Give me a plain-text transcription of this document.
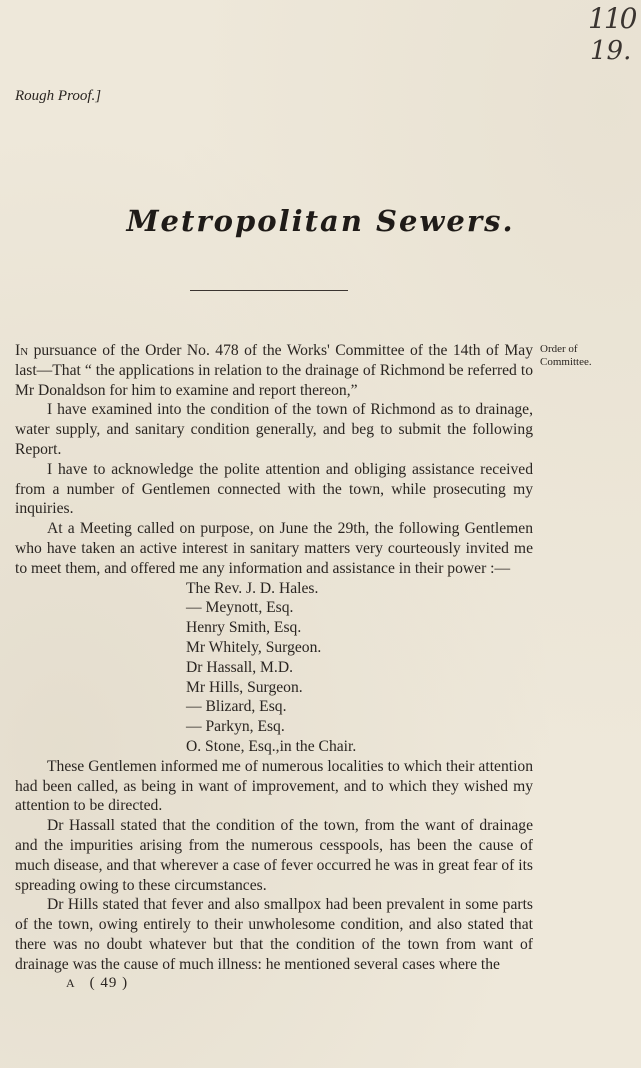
110
19.
Rough Proof.]
Metropolitan Sewers.
Order of Committee.

In pursuance of the Order No. 478 of the Works' Committee of the 14th of May last—That “ the applications in relation to the drainage of Richmond be referred to Mr Donaldson for him to examine and report thereon,”

I have examined into the condition of the town of Richmond as to drainage, water supply, and sanitary condition generally, and beg to submit the following Report.

I have to acknowledge the polite attention and obliging assistance received from a number of Gentlemen connected with the town, while prosecuting my inquiries.

At a Meeting called on purpose, on June the 29th, the following Gentlemen who have taken an active interest in sanitary matters very courteously invited me to meet them, and offered me any information and assistance in their power :—

The Rev. J. D. Hales.
— Meynott, Esq.
Henry Smith, Esq.
Mr Whitely, Surgeon.
Dr Hassall, M.D.
Mr Hills, Surgeon.
— Blizard, Esq.
— Parkyn, Esq.
O. Stone, Esq.,in the Chair.

These Gentlemen informed me of numerous localities to which their attention had been called, as being in want of improvement, and to which they wished my attention to be directed.

Dr Hassall stated that the condition of the town, from the want of drainage and the impurities arising from the numerous cesspools, has been the cause of much disease, and that wherever a case of fever occurred he was in great fear of its spreading owing to these circumstances.

Dr Hills stated that fever and also smallpox had been prevalent in some parts of the town, owing entirely to their unwholesome condition, and also stated that there was no doubt whatever but that the condition of the town from want of drainage was the cause of much illness: he mentioned several cases where the

A ( 49 )
